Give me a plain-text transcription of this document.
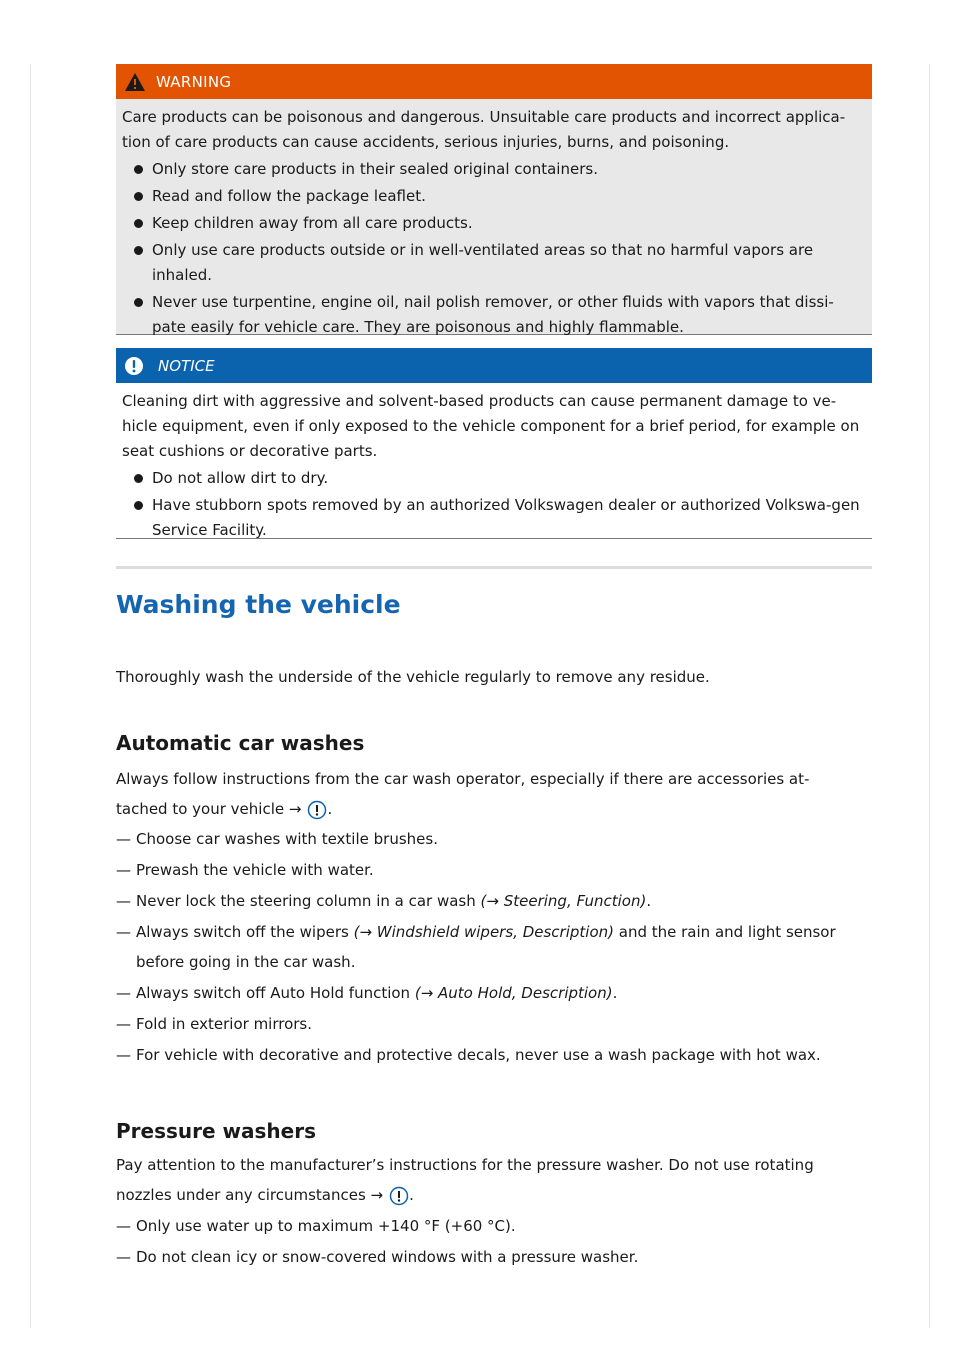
WARNING

Care products can be poisonous and dangerous. Unsuitable care products and incorrect applica-tion of care products can cause accidents, serious injuries, burns, and poisoning.

Only store care products in their sealed original containers.
Read and follow the package leaflet.
Keep children away from all care products.
Only use care products outside or in well-ventilated areas so that no harmful vapors are inhaled.
Never use turpentine, engine oil, nail polish remover, or other fluids with vapors that dissi-pate easily for vehicle care. They are poisonous and highly flammable.
NOTICE

Cleaning dirt with aggressive and solvent-based products can cause permanent damage to ve-hicle equipment, even if only exposed to the vehicle component for a brief period, for example on seat cushions or decorative parts.

Do not allow dirt to dry.
Have stubborn spots removed by an authorized Volkswagen dealer or authorized Volkswa-gen Service Facility.
Washing the vehicle

Thoroughly wash the underside of the vehicle regularly to remove any residue.

Automatic car washes

Always follow instructions from the car wash operator, especially if there are accessories at-tached to your vehicle → .

— Choose car washes with textile brushes.
— Prewash the vehicle with water.
— Never lock the steering column in a car wash (→ Steering, Function).
— Always switch off the wipers (→ Windshield wipers, Description) and the rain and light sensor before going in the car wash.
— Always switch off Auto Hold function (→ Auto Hold, Description).
— Fold in exterior mirrors.
— For vehicle with decorative and protective decals, never use a wash package with hot wax.
Pressure washers

Pay attention to the manufacturer’s instructions for the pressure washer. Do not use rotating nozzles under any circumstances → .

— Only use water up to maximum +140 °F (+60 °C).
— Do not clean icy or snow-covered windows with a pressure washer.
